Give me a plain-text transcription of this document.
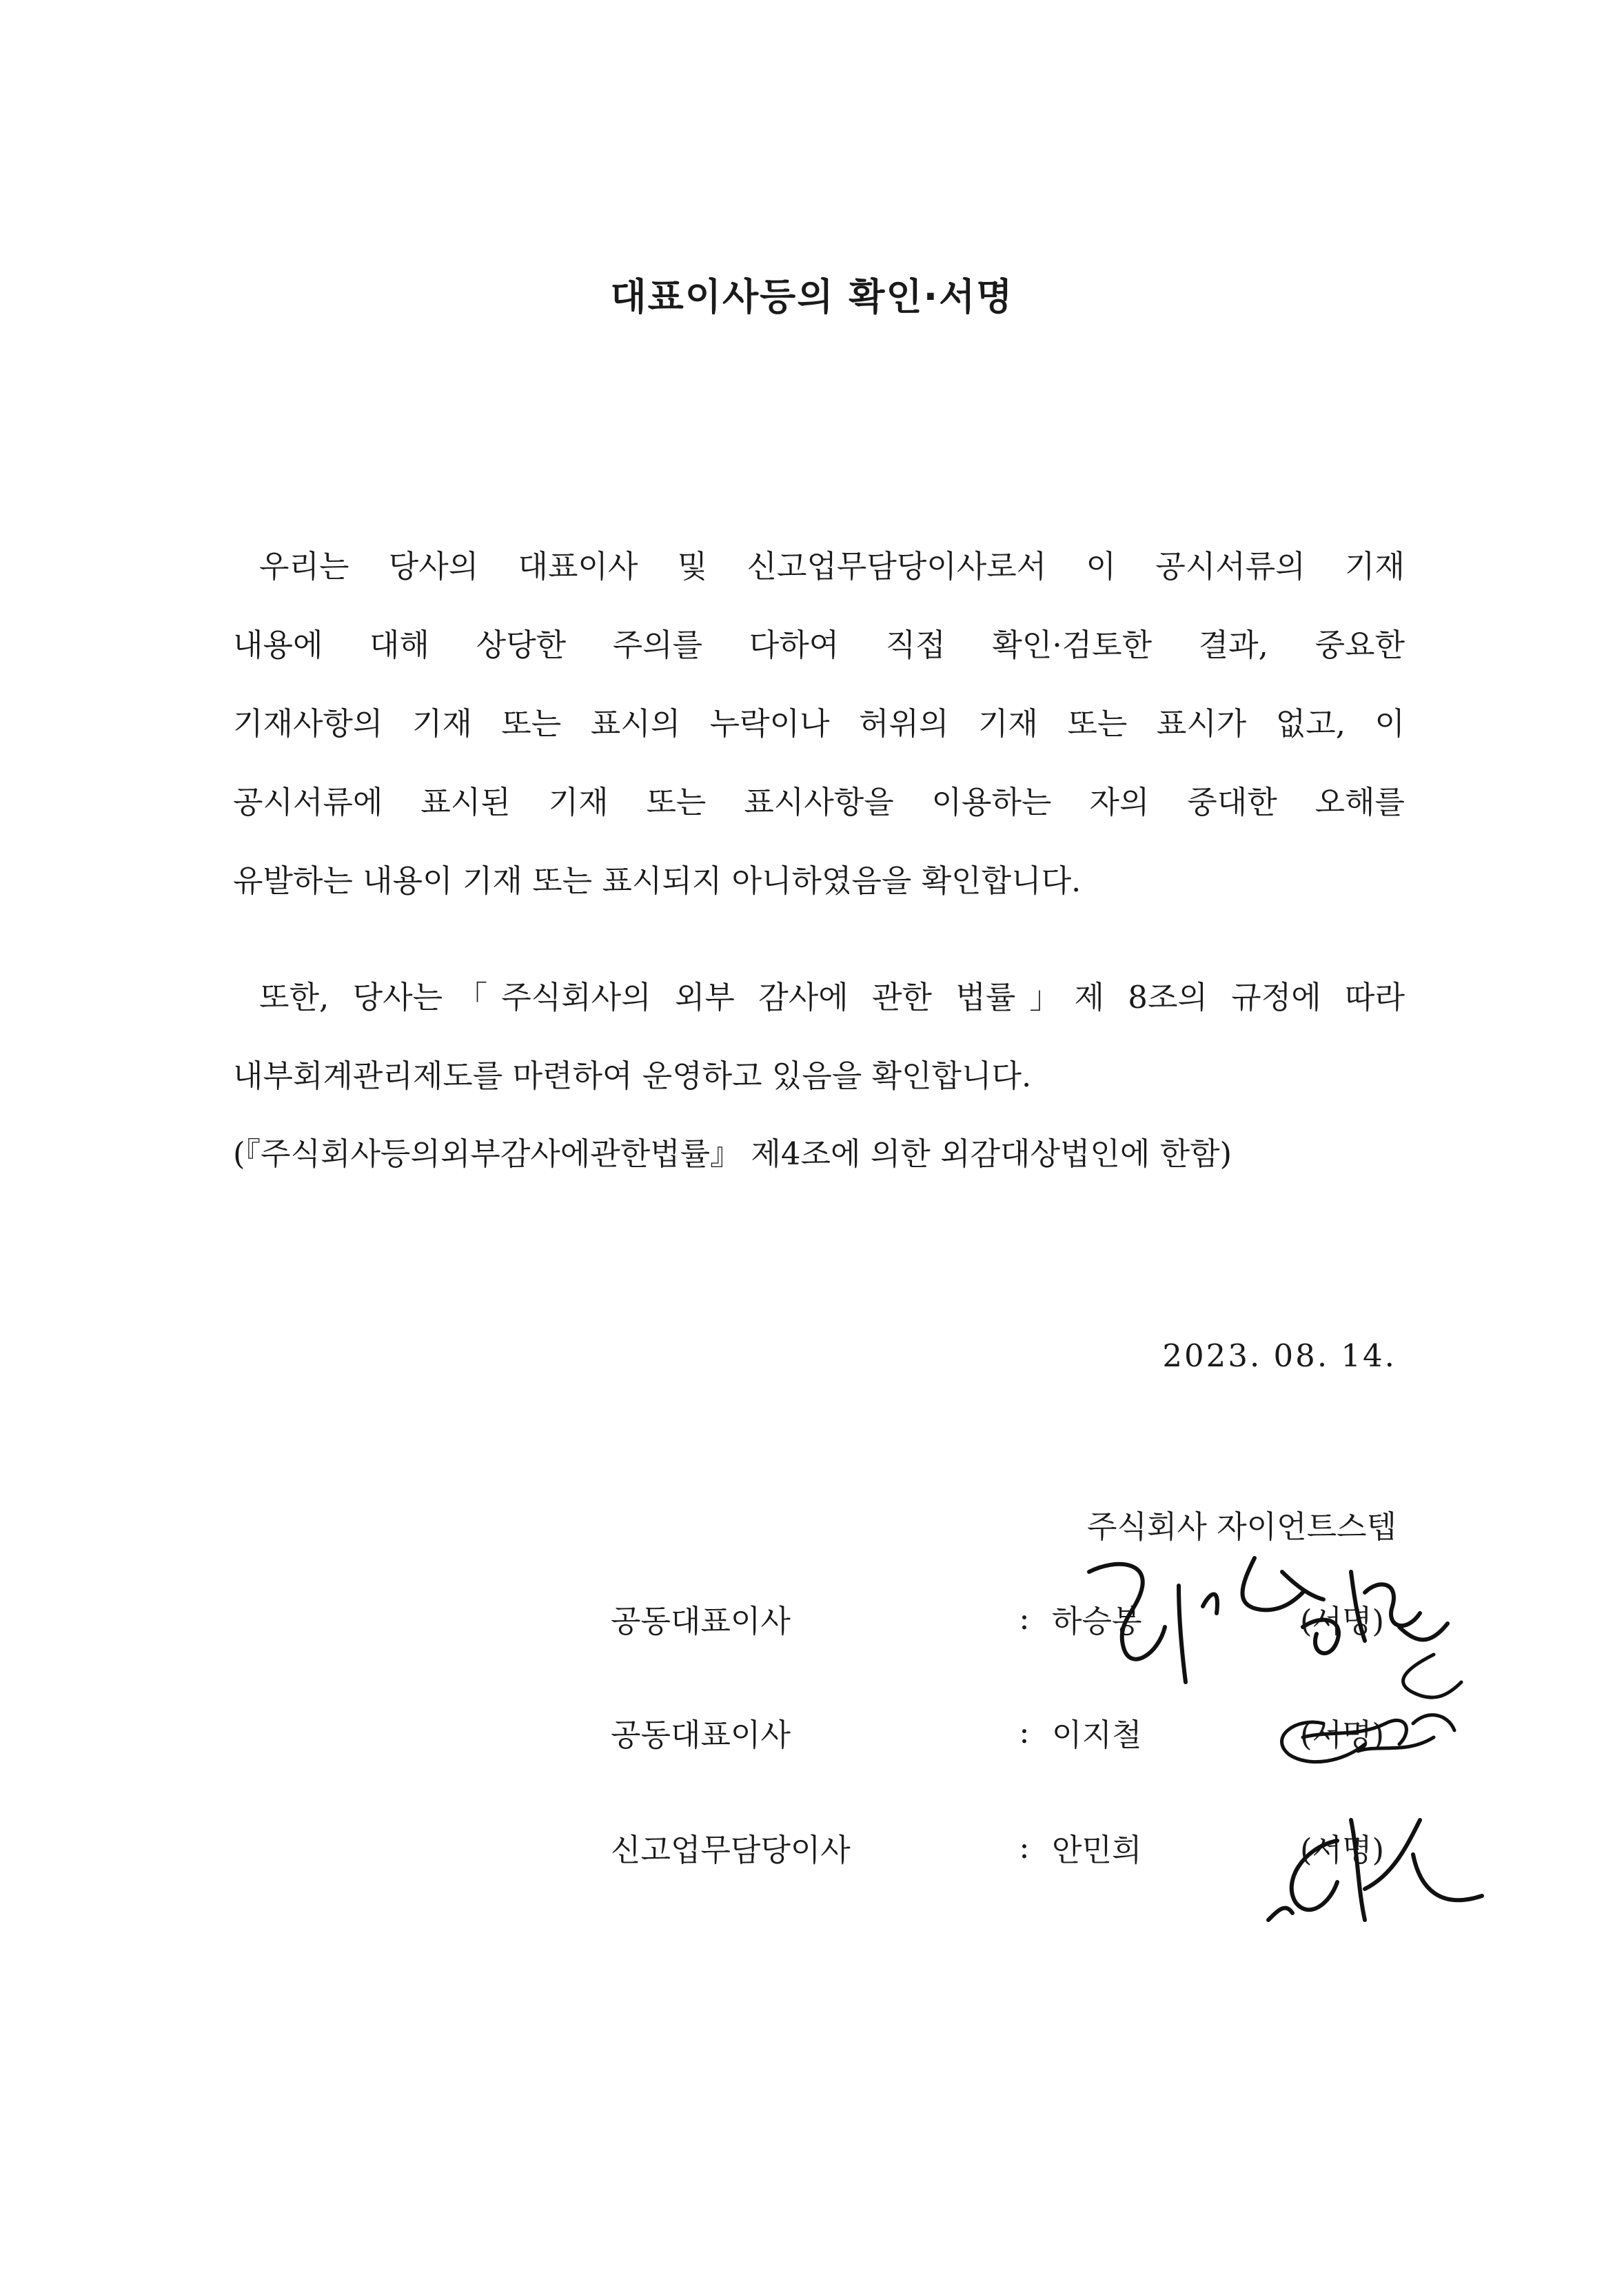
대표이사등의 확인·서명
우리는 당사의 대표이사 및 신고업무담당이사로서 이 공시서류의 기재
내용에 대해 상당한 주의를 다하여 직접 확인·검토한 결과, 중요한
기재사항의 기재 또는 표시의 누락이나 허위의 기재 또는 표시가 없고, 이
공시서류에 표시된 기재 또는 표시사항을 이용하는 자의 중대한 오해를
유발하는 내용이 기재 또는 표시되지 아니하였음을 확인합니다.
또한, 당사는「주식회사의 외부 감사에 관한 법률」제 8조의 규정에 따라
내부회계관리제도를 마련하여 운영하고 있음을 확인합니다.

(『주식회사등의외부감사에관한법률』 제4조에 의한 외감대상법인에 한함)

2023. 08. 14.

주식회사 자이언트스텝

공동대표이사	: 하승봉	(서명)
공동대표이사	: 이지철	(서명)
신고업무담당이사	: 안민희	(서명)
